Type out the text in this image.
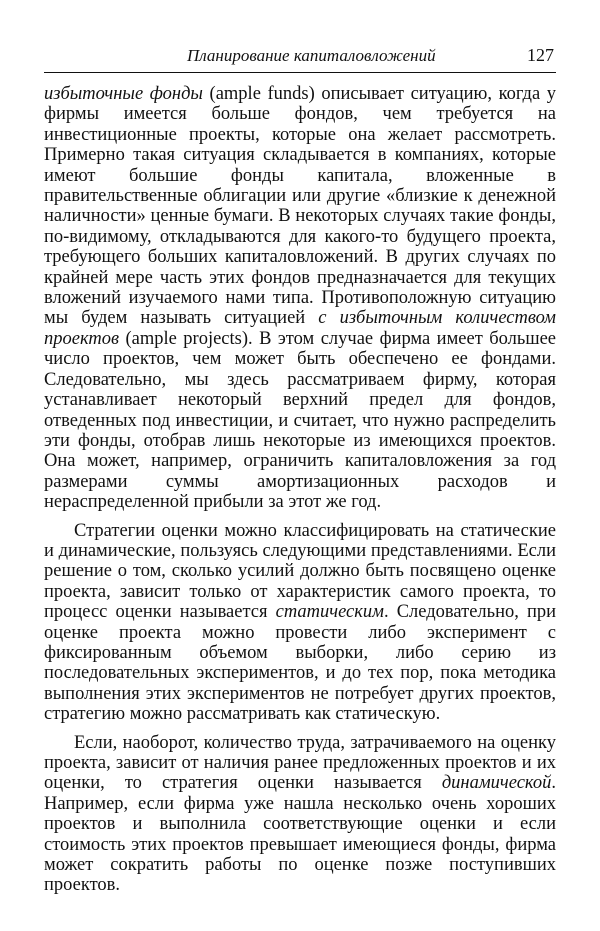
Планирование капиталовложений	127

избыточные фонды (ample funds) описывает ситуацию, когда у фирмы имеется больше фондов, чем требуется на инвестиционные проекты, которые она желает рассмотреть. Примерно такая ситуация складывается в компаниях, которые имеют большие фонды капитала, вложенные в правительственные облигации или другие «близкие к денежной наличности» ценные бумаги. В некоторых случаях такие фонды, по-видимому, откладываются для какого-то будущего проекта, требующего больших капиталовложений. В других случаях по крайней мере часть этих фондов предназначается для текущих вложений изучаемого нами типа. Противоположную ситуацию мы будем называть ситуацией с избыточным количеством проектов (ample projects). В этом случае фирма имеет большее число проектов, чем может быть обеспечено ее фондами. Следовательно, мы здесь рассматриваем фирму, которая устанавливает некоторый верхний предел для фондов, отведенных под инвестиции, и считает, что нужно распределить эти фонды, отобрав лишь некоторые из имеющихся проектов. Она может, например, ограничить капиталовложения за год размерами суммы амортизационных расходов и нераспределенной прибыли за этот же год.

Стратегии оценки можно классифицировать на статические и динамические, пользуясь следующими представлениями. Если решение о том, сколько усилий должно быть посвящено оценке проекта, зависит только от характеристик самого проекта, то процесс оценки называется статическим. Следовательно, при оценке проекта можно провести либо эксперимент с фиксированным объемом выборки, либо серию из последовательных экспериментов, и до тех пор, пока методика выполнения этих экспериментов не потребует других проектов, стратегию можно рассматривать как статическую.

Если, наоборот, количество труда, затрачиваемого на оценку проекта, зависит от наличия ранее предложенных проектов и их оценки, то стратегия оценки называется динамической. Например, если фирма уже нашла несколько очень хороших проектов и выполнила соответствующие оценки и если стоимость этих проектов превышает имеющиеся фонды, фирма может сократить работы по оценке позже поступивших проектов.
